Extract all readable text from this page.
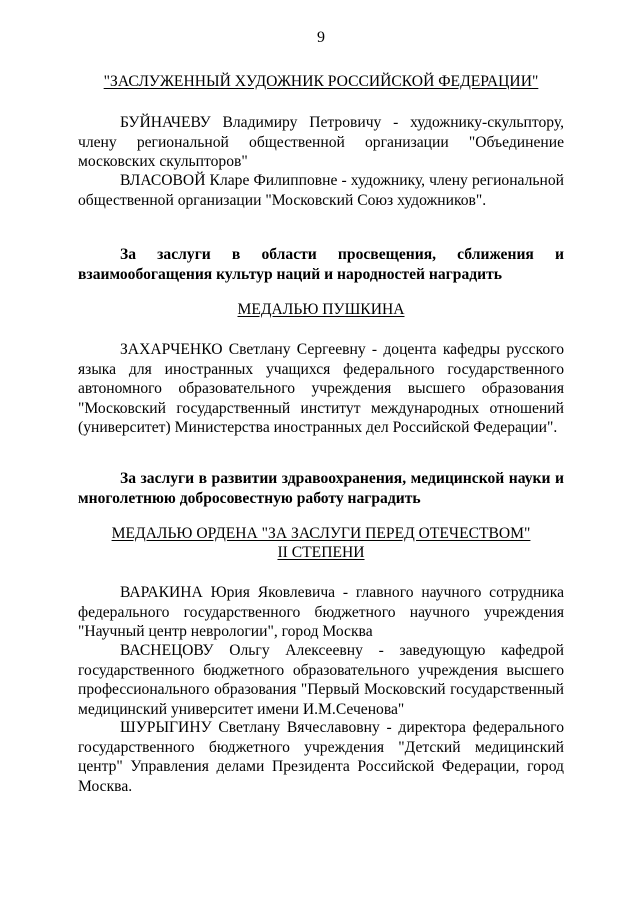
9
"ЗАСЛУЖЕННЫЙ ХУДОЖНИК РОССИЙСКОЙ ФЕДЕРАЦИИ"

БУЙНАЧЕВУ Владимиру Петровичу - художнику-скульптору, члену региональной общественной организации "Объединение московских скульпторов"

ВЛАСОВОЙ Кларе Филипповне - художнику, члену региональной общественной организации "Московский Союз художников".

За заслуги в области просвещения, сближения и взаимообогащения культур наций и народностей наградить

МЕДАЛЬЮ ПУШКИНА

ЗАХАРЧЕНКО Светлану Сергеевну - доцента кафедры русского языка для иностранных учащихся федерального государственного автономного образовательного учреждения высшего образования "Московский государственный институт международных отношений (университет) Министерства иностранных дел Российской Федерации".

За заслуги в развитии здравоохранения, медицинской науки и многолетнюю добросовестную работу наградить

МЕДАЛЬЮ ОРДЕНА "ЗА ЗАСЛУГИ ПЕРЕД ОТЕЧЕСТВОМ"
II СТЕПЕНИ

ВАРАКИНА Юрия Яковлевича - главного научного сотрудника федерального государственного бюджетного научного учреждения "Научный центр неврологии", город Москва

ВАСНЕЦОВУ Ольгу Алексеевну - заведующую кафедрой государственного бюджетного образовательного учреждения высшего профессионального образования "Первый Московский государственный медицинский университет имени И.М.Сеченова"

ШУРЫГИНУ Светлану Вячеславовну - директора федерального государственного бюджетного учреждения "Детский медицинский центр" Управления делами Президента Российской Федерации, город Москва.
